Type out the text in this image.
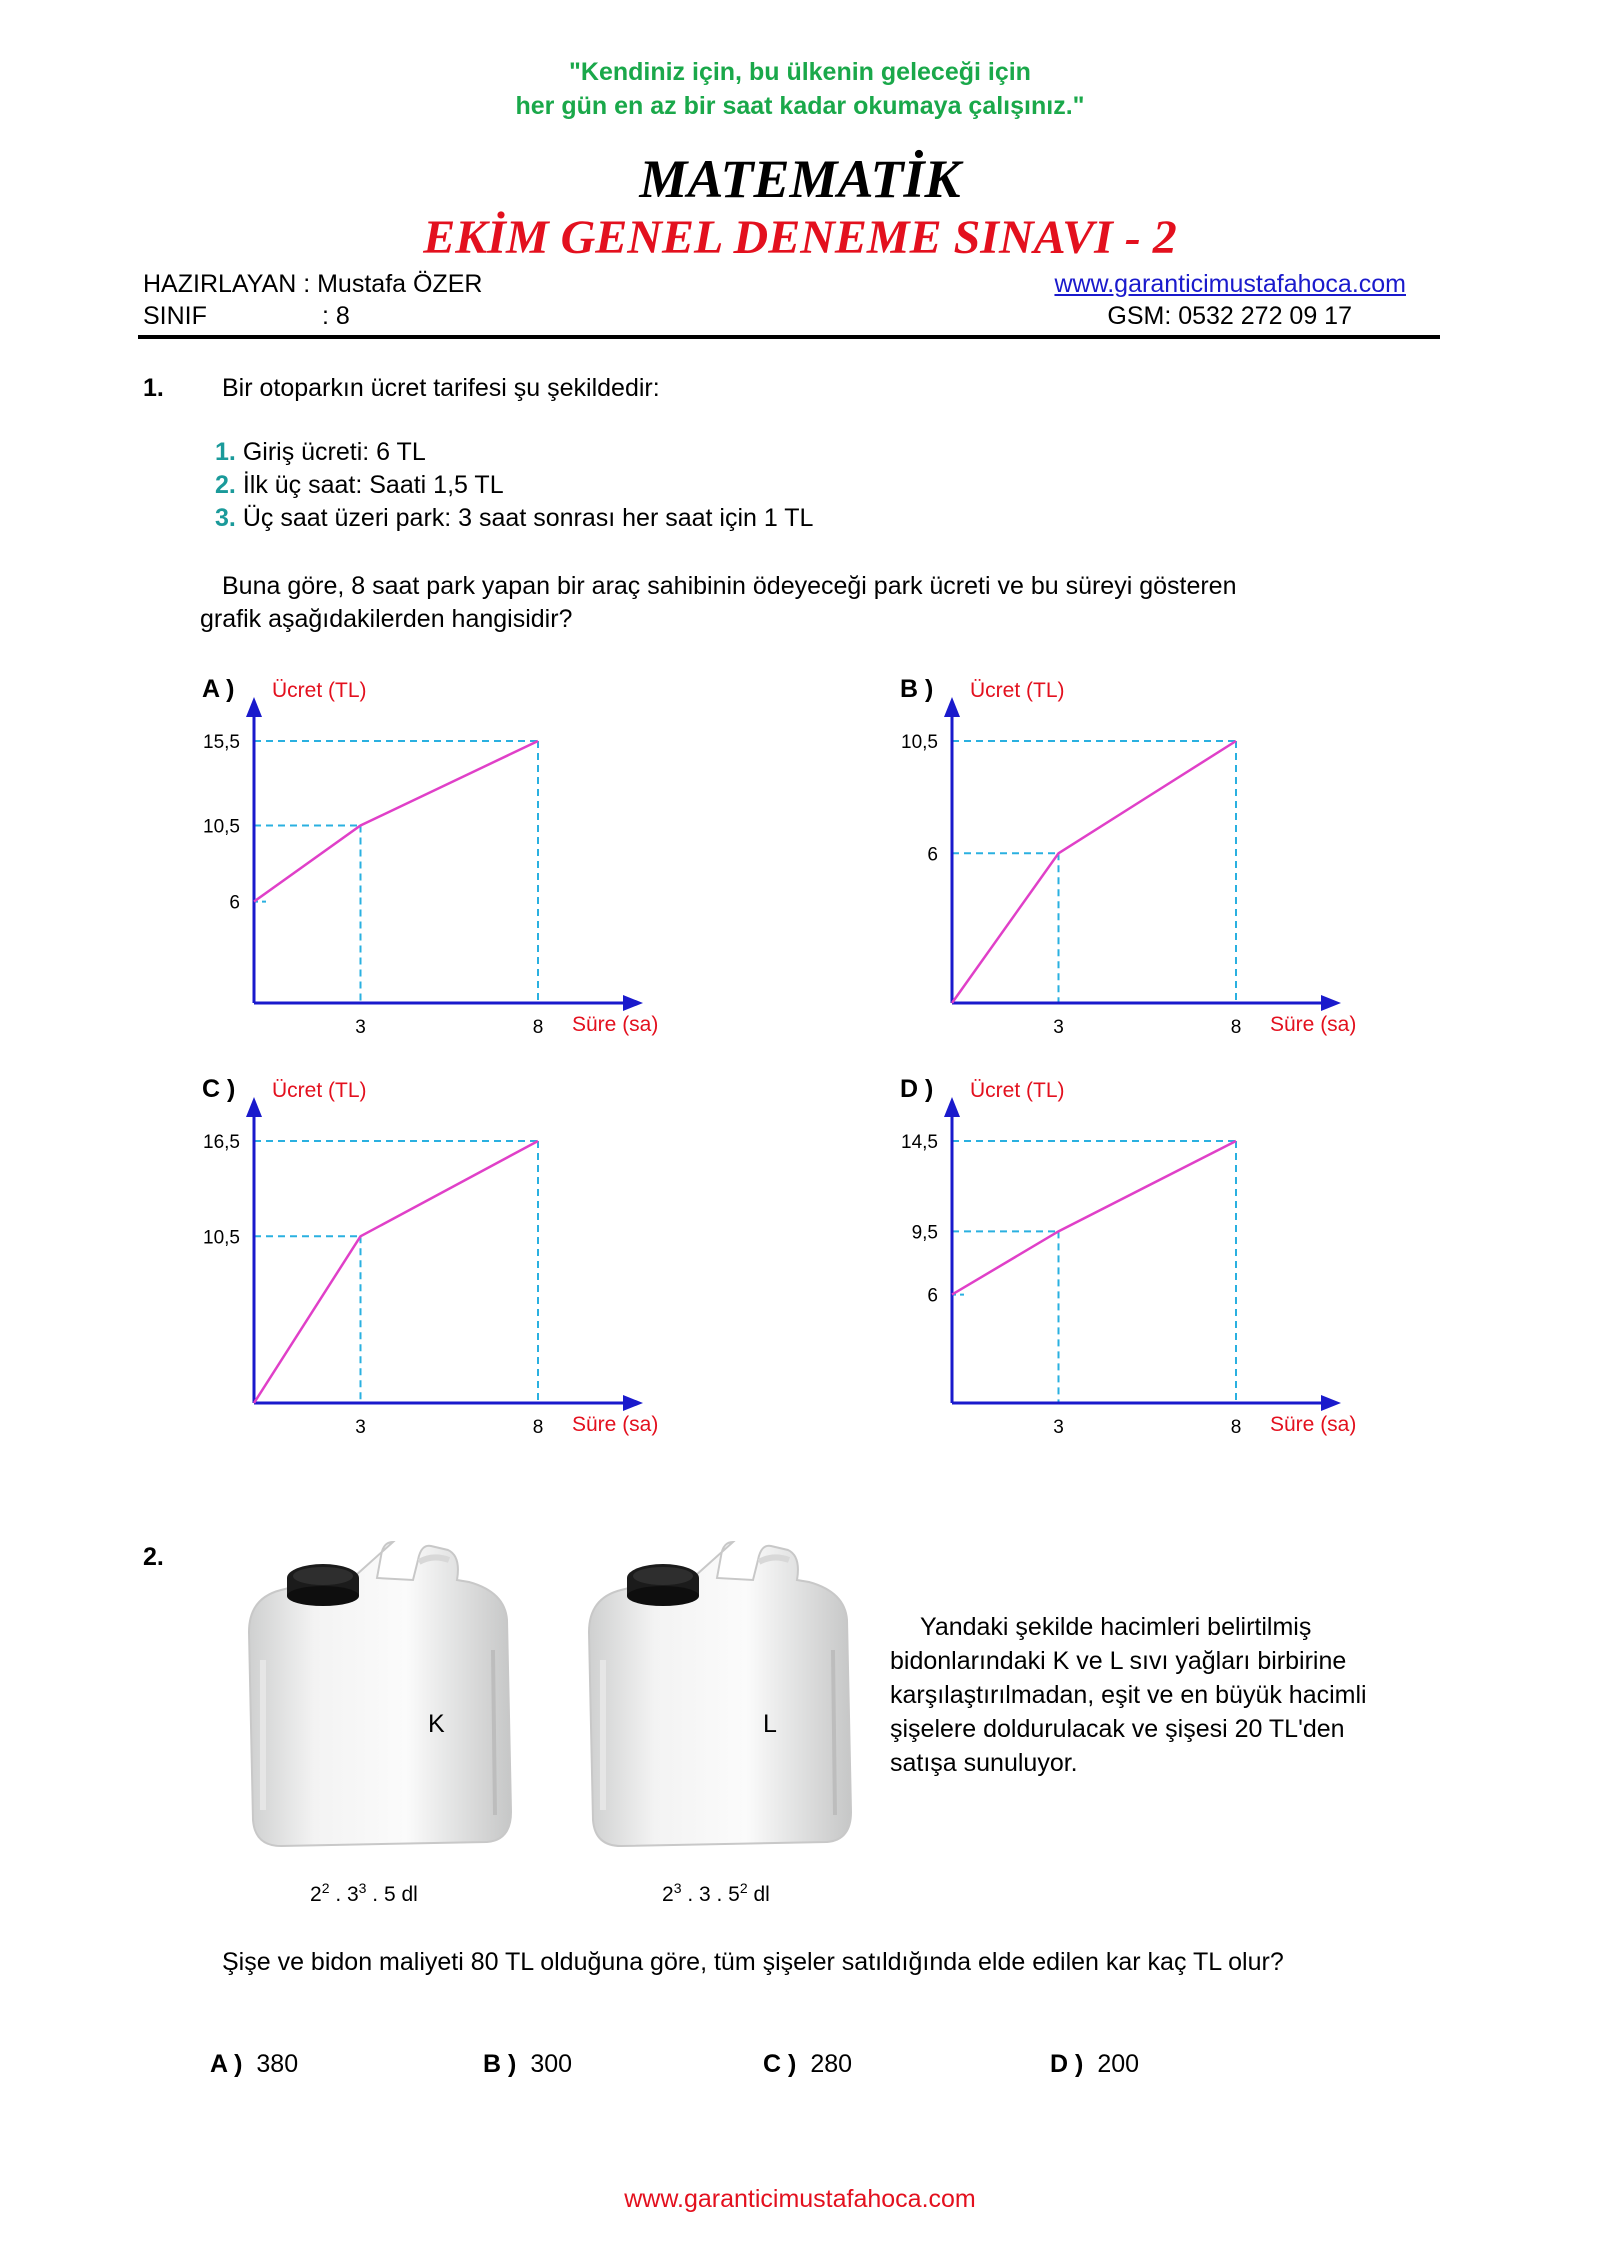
"Kendiniz için, bu ülkenin geleceği için
her gün en az bir saat kadar okumaya çalışınız."
MATEMATİK
EKİM GENEL DENEME SINAVI - 2
HAZIRLAYAN : Mustafa ÖZER
SINIF	: 8
www.garanticimustafahoca.com
GSM: 0532 272 09 17
1. Bir otoparkın ücret tarifesi şu şekildedir:
1. Giriş ücreti: 6 TL
2. İlk üç saat: Saati 1,5 TL
3. Üç saat üzeri park: 3 saat sonrası her saat için 1 TL
Buna göre, 8 saat park yapan bir araç sahibinin ödeyeceği park ücreti ve bu süreyi gösteren
grafik aşağıdakilerden hangisidir?
A ) Ücret (TL)
6
10,5
15,5
3	8 Süre (sa)
B ) Ücret (TL)
6
10,5
3	8 Süre (sa)
C ) Ücret (TL)
10,5
16,5
3	8 Süre (sa)
D ) Ücret (TL)
6
9,5
14,5
3	8 Süre (sa)
2.
K
$2^2$ . $3^3$ . 5 dl
L
$2^3$ . 3 . $5^2$ dl
Yandaki şekilde hacimleri belirtilmiş
bidonlarındaki K ve L sıvı yağları birbirine
karşılaştırılmadan, eşit ve en büyük hacimli
şişelere doldurulacak ve şişesi 20 TL'den
satışa sunuluyor.
Şişe ve bidon maliyeti 80 TL olduğuna göre, tüm şişeler satıldığında elde edilen kar kaç TL olur?
A ) 380	B ) 300	C ) 280	D ) 200
www.garanticimustafahoca.com
